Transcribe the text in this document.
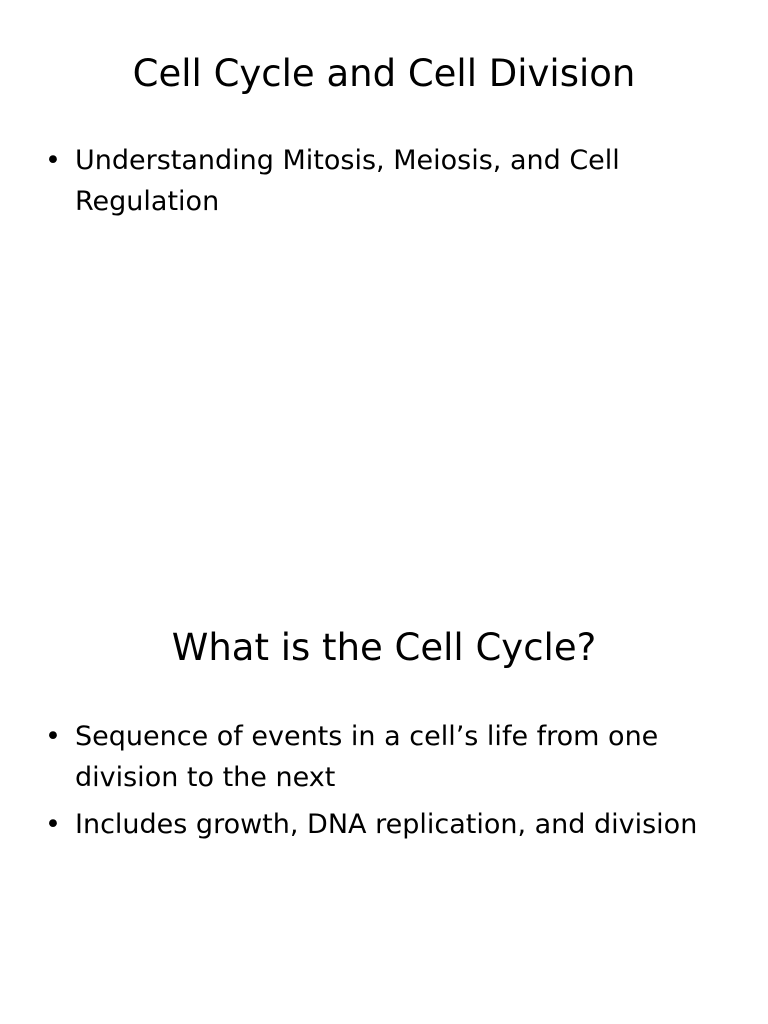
Cell Cycle and Cell Division
• Understanding Mitosis, Meiosis, and Cell Regulation
What is the Cell Cycle?
• Sequence of events in a cell’s life from one division to the next
• Includes growth, DNA replication, and division
